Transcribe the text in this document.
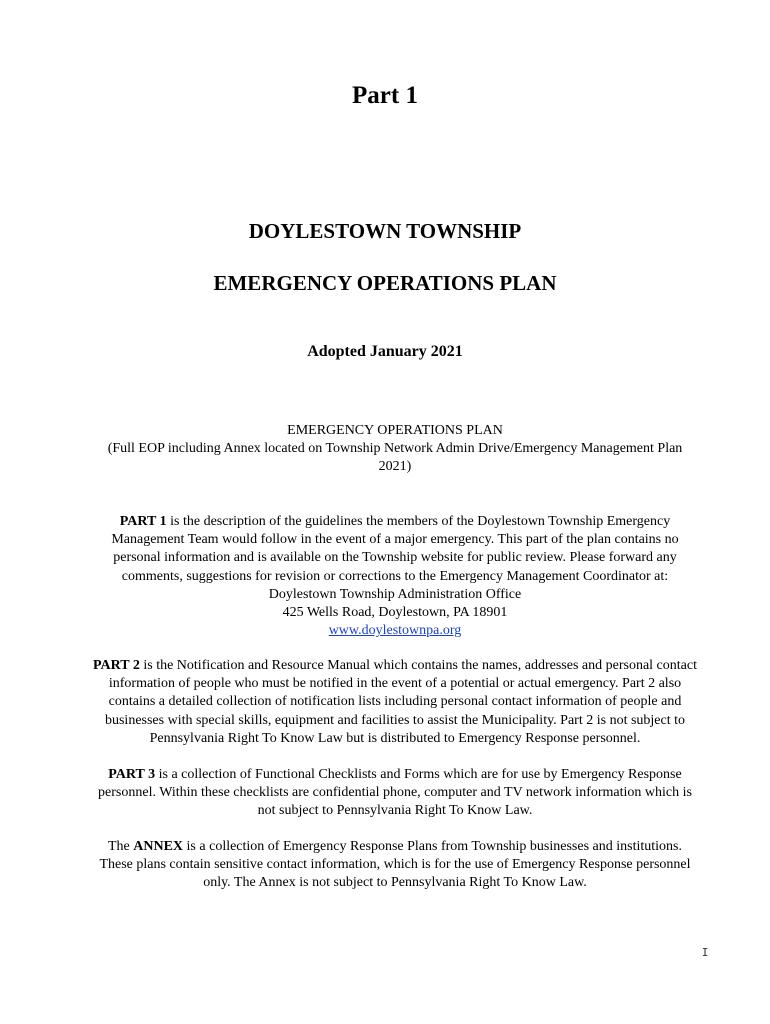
Part 1
DOYLESTOWN TOWNSHIP
EMERGENCY OPERATIONS PLAN
Adopted January 2021

EMERGENCY OPERATIONS PLAN

(Full EOP including Annex located on Township Network Admin Drive/Emergency Management Plan 2021)

PART 1 is the description of the guidelines the members of the Doylestown Township Emergency Management Team would follow in the event of a major emergency. This part of the plan contains no personal information and is available on the Township website for public review. Please forward any comments, suggestions for revision or corrections to the Emergency Management Coordinator at:

Doylestown Township Administration Office

425 Wells Road, Doylestown, PA 18901

www.doylestownpa.org

PART 2 is the Notification and Resource Manual which contains the names, addresses and personal contact information of people who must be notified in the event of a potential or actual emergency. Part 2 also contains a detailed collection of notification lists including personal contact information of people and businesses with special skills, equipment and facilities to assist the Municipality. Part 2 is not subject to Pennsylvania Right To Know Law but is distributed to Emergency Response personnel.

PART 3 is a collection of Functional Checklists and Forms which are for use by Emergency Response personnel. Within these checklists are confidential phone, computer and TV network information which is not subject to Pennsylvania Right To Know Law.

The ANNEX is a collection of Emergency Response Plans from Township businesses and institutions. These plans contain sensitive contact information, which is for the use of Emergency Response personnel only. The Annex is not subject to Pennsylvania Right To Know Law.

I
